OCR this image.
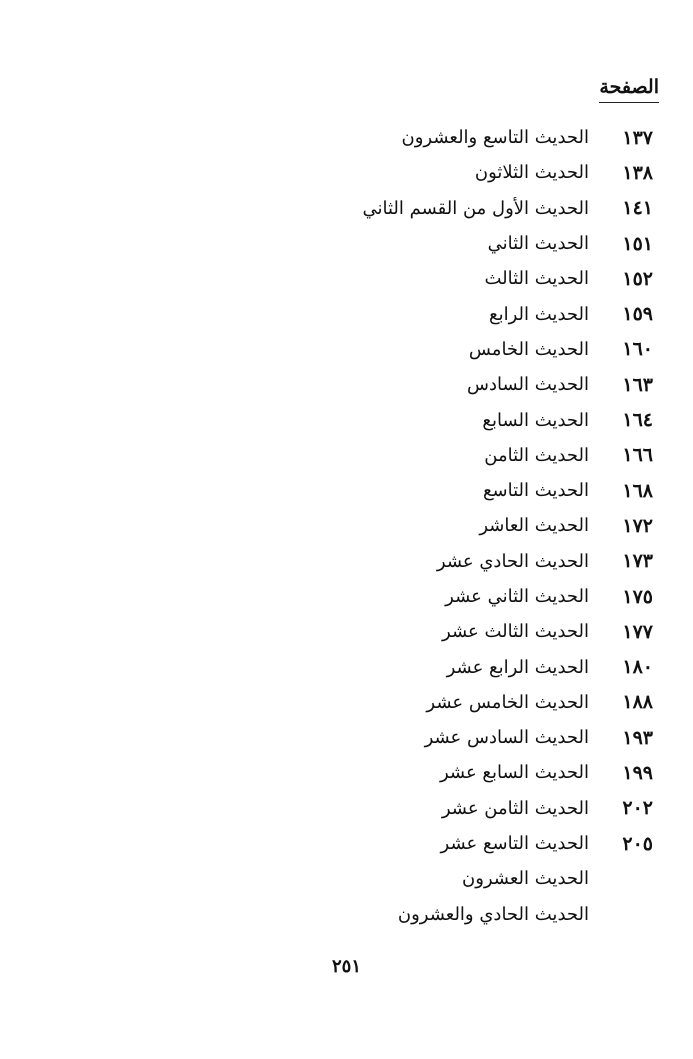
الصفحة
١٣٧
الحديث التاسع والعشرون
١٣٨
الحديث الثلاثون
١٤١
الحديث الأول من القسم الثاني
١٥١
الحديث الثاني
١٥٢
الحديث الثالث
١٥٩
الحديث الرابع
١٦٠
الحديث الخامس
١٦٣
الحديث السادس
١٦٤
الحديث السابع
١٦٦
الحديث الثامن
١٦٨
الحديث التاسع
١٧٢
الحديث العاشر
١٧٣
الحديث الحادي عشر
١٧٥
الحديث الثاني عشر
١٧٧
الحديث الثالث عشر
١٨٠
الحديث الرابع عشر
١٨٨
الحديث الخامس عشر
١٩٣
الحديث السادس عشر
١٩٩
الحديث السابع عشر
٢٠٢
الحديث الثامن عشر
٢٠٥
الحديث التاسع عشر
الحديث العشرون
الحديث الحادي والعشرون
٢٥١
